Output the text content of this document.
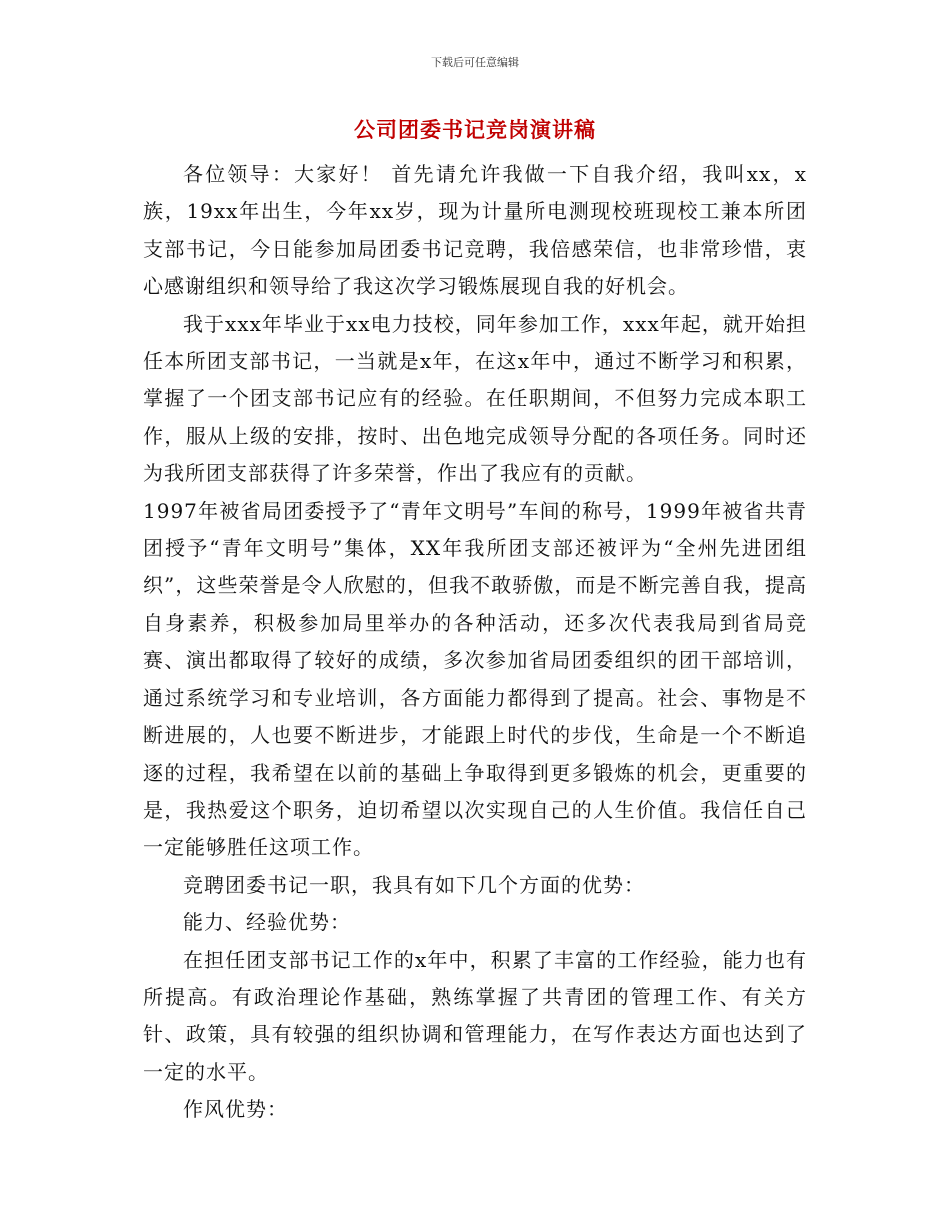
下载后可任意编辑
公司团委书记竞岗演讲稿

各位领导：大家好！ 首先请允许我做一下自我介绍，我叫xx，x族，19xx年出生，今年xx岁，现为计量所电测现校班现校工兼本所团支部书记，今日能参加局团委书记竞聘，我倍感荣信，也非常珍惜，衷心感谢组织和领导给了我这次学习锻炼展现自我的好机会。

我于xxx年毕业于xx电力技校，同年参加工作，xxx年起，就开始担任本所团支部书记，一当就是x年，在这x年中，通过不断学习和积累，掌握了一个团支部书记应有的经验。在任职期间，不但努力完成本职工作，服从上级的安排，按时、出色地完成领导分配的各项任务。同时还为我所团支部获得了许多荣誉，作出了我应有的贡献。

1997年被省局团委授予了“青年文明号”车间的称号，1999年被省共青团授予“青年文明号”集体，XX年我所团支部还被评为“全州先进团组织”，这些荣誉是令人欣慰的，但我不敢骄傲，而是不断完善自我，提高自身素养，积极参加局里举办的各种活动，还多次代表我局到省局竞赛、演出都取得了较好的成绩，多次参加省局团委组织的团干部培训，通过系统学习和专业培训，各方面能力都得到了提高。社会、事物是不断进展的，人也要不断进步，才能跟上时代的步伐，生命是一个不断追逐的过程，我希望在以前的基础上争取得到更多锻炼的机会，更重要的是，我热爱这个职务，迫切希望以次实现自己的人生价值。我信任自己一定能够胜任这项工作。

竞聘团委书记一职，我具有如下几个方面的优势：

能力、经验优势：

在担任团支部书记工作的x年中，积累了丰富的工作经验，能力也有所提高。有政治理论作基础，熟练掌握了共青团的管理工作、有关方针、政策，具有较强的组织协调和管理能力，在写作表达方面也达到了一定的水平。

作风优势：
